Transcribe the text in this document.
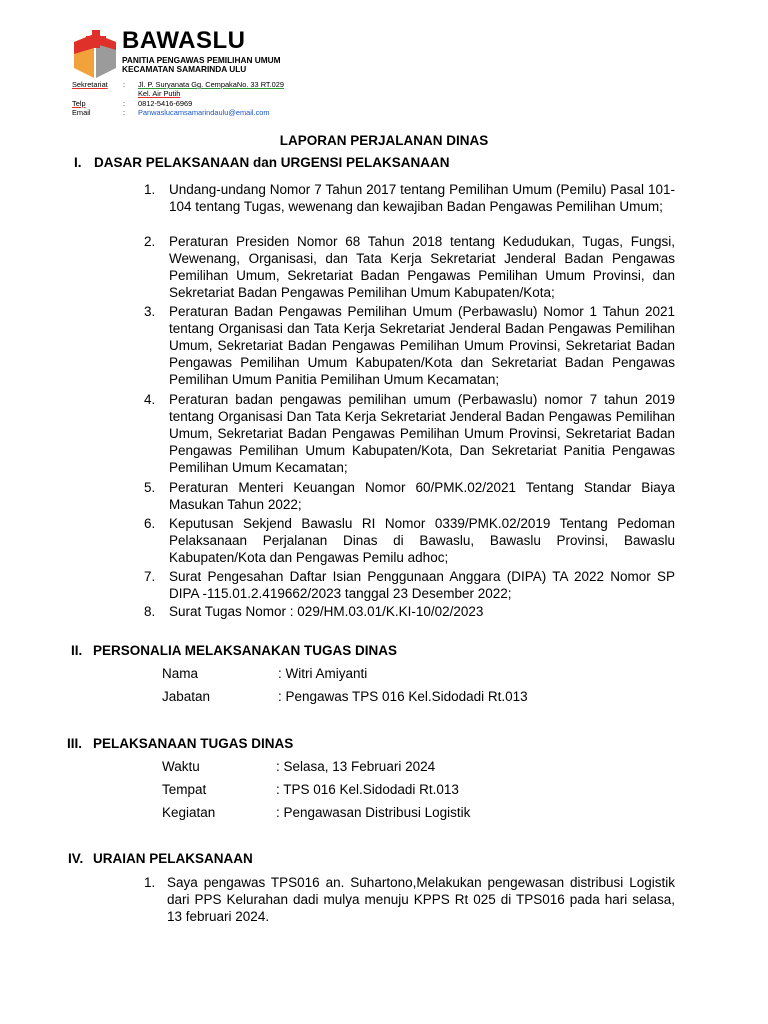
BAWASLU
PANITIA PENGAWAS PEMILIHAN UMUM
KECAMATAN SAMARINDA ULU
Sekretariat : Jl. P. Suryanata Gg. CempakaNo. 33 RT.029
Kel. Air Putih
Telp	: 0812-5416-6969
Email	: Panwaslucamsamarindaulu@email.com
LAPORAN PERJALANAN DINAS
I. DASAR PELAKSANAAN dan URGENSI PELAKSANAAN
1. Undang-undang Nomor 7 Tahun 2017 tentang Pemilihan Umum (Pemilu) Pasal 101-104 tentang Tugas, wewenang dan kewajiban Badan Pengawas Pemilihan Umum;
2. Peraturan Presiden Nomor 68 Tahun 2018 tentang Kedudukan, Tugas, Fungsi, Wewenang, Organisasi, dan Tata Kerja Sekretariat Jenderal Badan Pengawas Pemilihan Umum, Sekretariat Badan Pengawas Pemilihan Umum Provinsi, dan Sekretariat Badan Pengawas Pemilihan Umum Kabupaten/Kota;
3. Peraturan Badan Pengawas Pemilihan Umum (Perbawaslu) Nomor 1 Tahun 2021 tentang Organisasi dan Tata Kerja Sekretariat Jenderal Badan Pengawas Pemilihan Umum, Sekretariat Badan Pengawas Pemilihan Umum Provinsi, Sekretariat Badan Pengawas Pemilihan Umum Kabupaten/Kota dan Sekretariat Badan Pengawas Pemilihan Umum Panitia Pemilihan Umum Kecamatan;
4. Peraturan badan pengawas pemilihan umum (Perbawaslu) nomor 7 tahun 2019 tentang Organisasi Dan Tata Kerja Sekretariat Jenderal Badan Pengawas Pemilihan Umum, Sekretariat Badan Pengawas Pemilihan Umum Provinsi, Sekretariat Badan Pengawas Pemilihan Umum Kabupaten/Kota, Dan Sekretariat Panitia Pengawas Pemilihan Umum Kecamatan;
5. Peraturan Menteri Keuangan Nomor 60/PMK.02/2021 Tentang Standar Biaya Masukan Tahun 2022;
6. Keputusan Sekjend Bawaslu RI Nomor 0339/PMK.02/2019 Tentang Pedoman Pelaksanaan Perjalanan Dinas di Bawaslu, Bawaslu Provinsi, Bawaslu Kabupaten/Kota dan Pengawas Pemilu adhoc;
7. Surat Pengesahan Daftar Isian Penggunaan Anggara (DIPA) TA 2022 Nomor SP DIPA -115.01.2.419662/2023 tanggal 23 Desember 2022;
8. Surat Tugas Nomor : 029/HM.03.01/K.KI-10/02/2023
II. PERSONALIA MELAKSANAKAN TUGAS DINAS
Nama	: Witri Amiyanti
Jabatan	: Pengawas TPS 016 Kel.Sidodadi Rt.013
III. PELAKSANAAN TUGAS DINAS
Waktu	: Selasa, 13 Februari 2024
Tempat	: TPS 016 Kel.Sidodadi Rt.013
Kegiatan	: Pengawasan Distribusi Logistik
IV. URAIAN PELAKSANAAN
1. Saya pengawas TPS016 an. Suhartono,Melakukan pengewasan distribusi Logistik dari PPS Kelurahan dadi mulya menuju KPPS Rt 025 di TPS016 pada hari selasa, 13 februari 2024.
